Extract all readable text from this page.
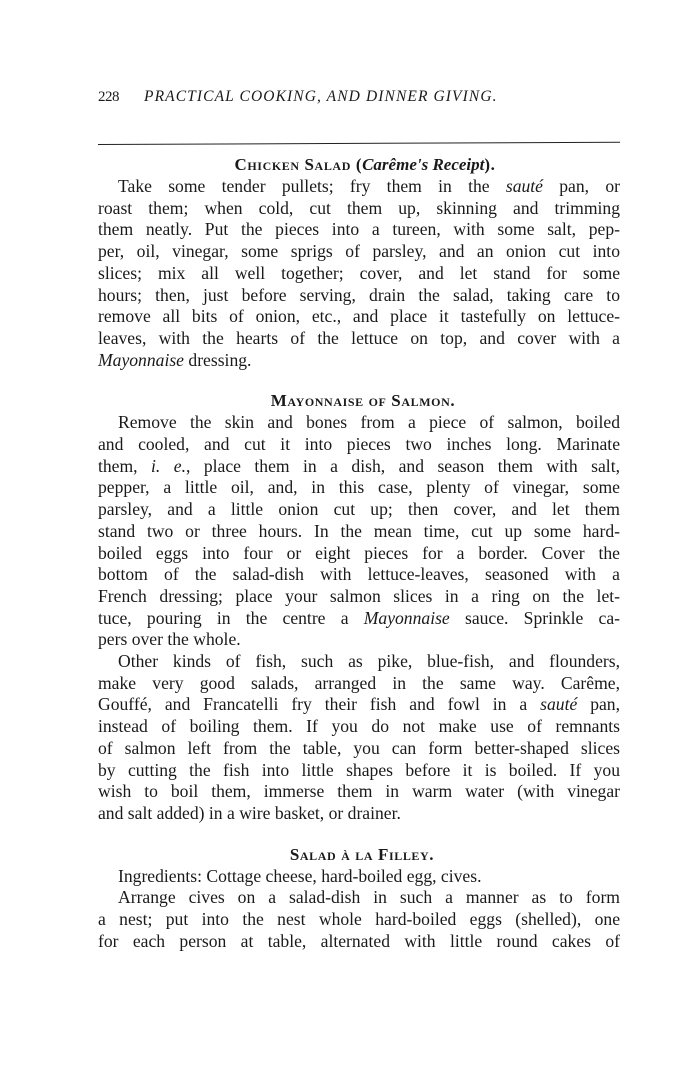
228	PRACTICAL COOKING, AND DINNER GIVING.
Chicken Salad (Carême's Receipt).

Take some tender pullets; fry them in the sauté pan, or
roast them; when cold, cut them up, skinning and trimming
them neatly. Put the pieces into a tureen, with some salt, pep-
per, oil, vinegar, some sprigs of parsley, and an onion cut into
slices; mix all well together; cover, and let stand for some
hours; then, just before serving, drain the salad, taking care to
remove all bits of onion, etc., and place it tastefully on lettuce-
leaves, with the hearts of the lettuce on top, and cover with a
Mayonnaise dressing.

Mayonnaise of Salmon.

Remove the skin and bones from a piece of salmon, boiled
and cooled, and cut it into pieces two inches long. Marinate
them, i. e., place them in a dish, and season them with salt,
pepper, a little oil, and, in this case, plenty of vinegar, some
parsley, and a little onion cut up; then cover, and let them
stand two or three hours. In the mean time, cut up some hard-
boiled eggs into four or eight pieces for a border. Cover the
bottom of the salad-dish with lettuce-leaves, seasoned with a
French dressing; place your salmon slices in a ring on the let-
tuce, pouring in the centre a Mayonnaise sauce. Sprinkle ca-
pers over the whole.

Other kinds of fish, such as pike, blue-fish, and flounders,
make very good salads, arranged in the same way. Carême,
Gouffé, and Francatelli fry their fish and fowl in a sauté pan,
instead of boiling them. If you do not make use of remnants
of salmon left from the table, you can form better-shaped slices
by cutting the fish into little shapes before it is boiled. If you
wish to boil them, immerse them in warm water (with vinegar
and salt added) in a wire basket, or drainer.

Salad à la Filley.

Ingredients: Cottage cheese, hard-boiled egg, cives.

Arrange cives on a salad-dish in such a manner as to form
a nest; put into the nest whole hard-boiled eggs (shelled), one
for each person at table, alternated with little round cakes of
